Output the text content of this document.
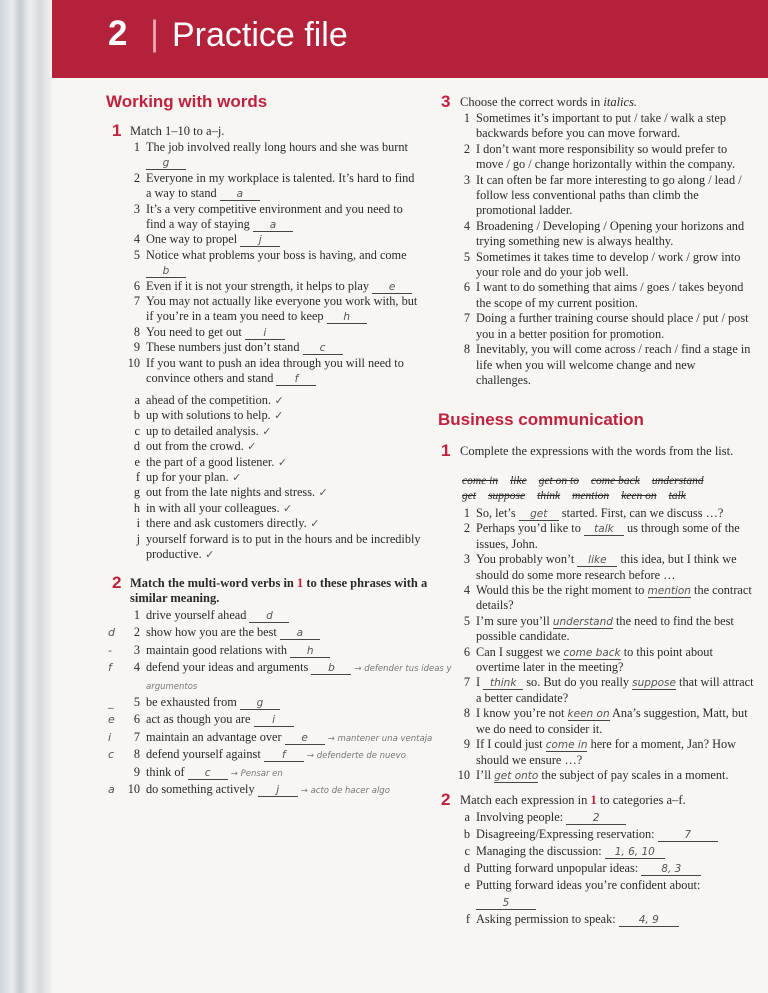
2 | Practice file
Working with words
1 Match 1–10 to a–j.
1 The job involved really long hours and she was burnt g
2 Everyone in my workplace is talented. It’s hard to find a way to stand a
3 It’s a very competitive environment and you need to find a way of staying a
4 One way to propel j
5 Notice what problems your boss is having, and come b
6 Even if it is not your strength, it helps to play e
7 You may not actually like everyone you work with, but if you’re in a team you need to keep h
8 You need to get out i
9 These numbers just don’t stand c
10 If you want to push an idea through you will need to convince others and stand f
a ahead of the competition. ✓
b up with solutions to help. ✓
c up to detailed analysis. ✓
d out from the crowd. ✓
e the part of a good listener. ✓
f up for your plan. ✓
g out from the late nights and stress. ✓
h in with all your colleagues. ✓
i there and ask customers directly. ✓
j yourself forward is to put in the hours and be incredibly productive. ✓
2 Match the multi-word verbs in 1 to these phrases with a similar meaning.
1 drive yourself ahead d
d	2 show how you are the best a
-	3 maintain good relations with h
f	4 defend your ideas and arguments b → defender tus ideas y argumentos
_	5 be exhausted from g
e	6 act as though you are i
i	7 maintain an advantage over e → mantener una ventaja
c	8 defend yourself against f → defenderte de nuevo
9 think of c → Pensar en
a	10 do something actively j	→ acto de hacer algo
3 Choose the correct words in italics.
1 Sometimes it’s important to put / take / walk a step backwards before you can move forward.
2 I don’t want more responsibility so would prefer to move / go / change horizontally within the company.
3 It can often be far more interesting to go along / lead / follow less conventional paths than climb the promotional ladder.
4 Broadening / Developing / Opening your horizons and trying something new is always healthy.
5 Sometimes it takes time to develop / work / grow into your role and do your job well.
6 I want to do something that aims / goes / takes beyond the scope of my current position.
7 Doing a further training course should place / put / post you in a better position for promotion.
8 Inevitably, you will come across / reach / find a stage in life when you will welcome change and new challenges.
Business communication
1 Complete the expressions with the words from the list.
come in like get on to come back understand
get suppose think mention keen on talk
1 So, let’s get started. First, can we discuss …?
2 Perhaps you’d like to talk us through some of the issues, John.
3 You probably won’t like this idea, but I think we should do some more research before …
4 Would this be the right moment to mention the contract details?
5 I’m sure you’ll understand the need to find the best possible candidate.
6 Can I suggest we come back to this point about overtime later in the meeting?
7 I think so. But do you really suppose that will attract a better candidate?
8 I know you’re not keen on Ana’s suggestion, Matt, but we do need to consider it.
9 If I could just come in here for a moment, Jan? How should we ensure …?
10 I’ll get onto the subject of pay scales in a moment.
2 Match each expression in 1 to categories a–f.
a Involving people:	2
b Disagreeing/Expressing reservation:	7
c Managing the discussion: 1, 6, 10
d Putting forward unpopular ideas: 8, 3
e Putting forward ideas you’re confident about: 5
f Asking permission to speak: 4, 9
